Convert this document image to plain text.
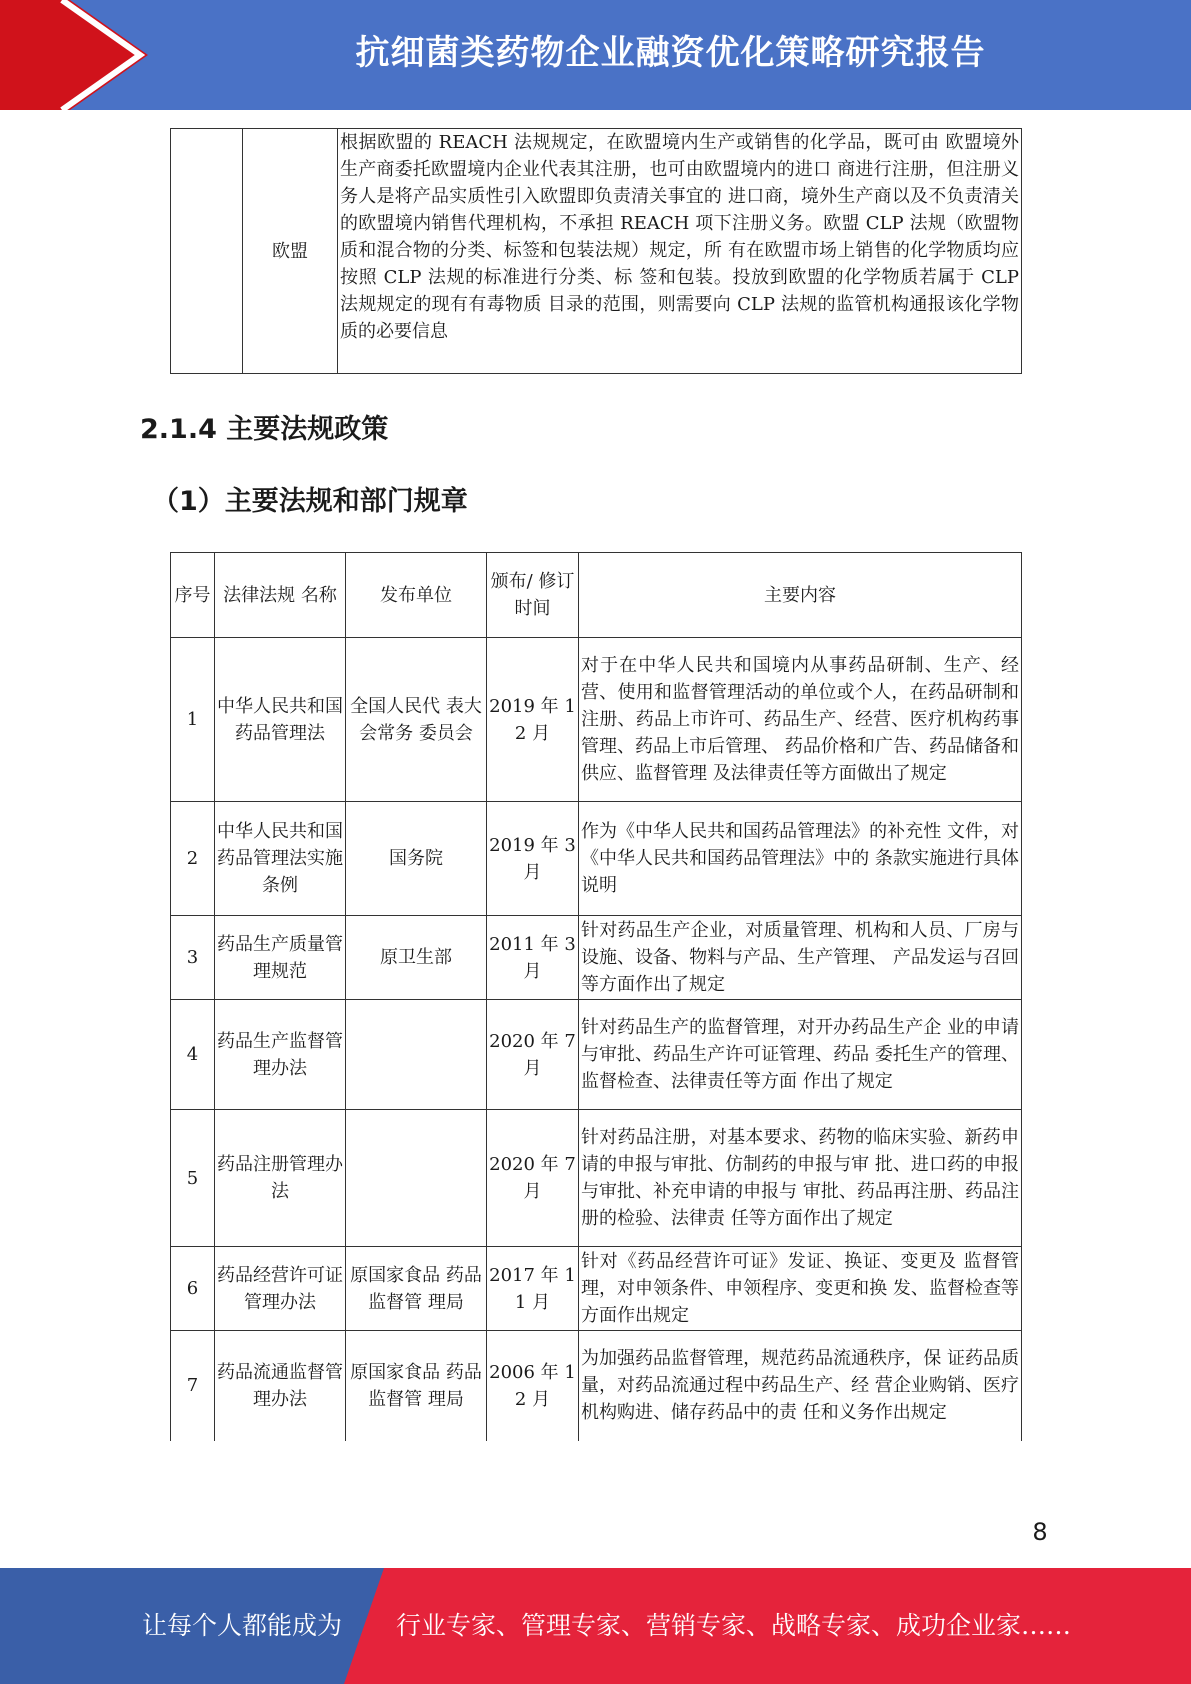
抗细菌类药物企业融资优化策略研究报告
	欧盟	根据欧盟的 REACH 法规规定，在欧盟境内生产或销售的化学品，既可由 欧盟境外生产商委托欧盟境内企业代表其注册，也可由欧盟境内的进口 商进行注册，但注册义务人是将产品实质性引入欧盟即负责清关事宜的 进口商，境外生产商以及不负责清关的欧盟境内销售代理机构，不承担 REACH 项下注册义务。欧盟 CLP 法规（欧盟物质和混合物的分类、标签和包装法规）规定，所 有在欧盟市场上销售的化学物质均应按照 CLP 法规的标准进行分类、标 签和包装。投放到欧盟的化学物质若属于 CLP 法规规定的现有有毒物质 目录的范围，则需要向 CLP 法规的监管机构通报该化学物质的必要信息
2.1.4 主要法规政策
（1）主要法规和部门规章
序号	法律法规 名称	发布单位	颁布/ 修订 时间	主要内容
1	中华人民共和国药品管理法	全国人民代 表大会常务 委员会	2019 年 12 月	对于在中华人民共和国境内从事药品研制、生产、经营、使用和监督管理活动的单位或个人，在药品研制和注册、药品上市许可、药品生产、经营、医疗机构药事管理、药品上市后管理、 药品价格和广告、药品储备和供应、监督管理 及法律责任等方面做出了规定
2	中华人民共和国药品管理法实施条例	国务院	2019 年 3 月	作为《中华人民共和国药品管理法》的补充性 文件，对《中华人民共和国药品管理法》中的 条款实施进行具体说明
3	药品生产质量管理规范	原卫生部	2011 年 3 月	针对药品生产企业，对质量管理、机构和人员、厂房与设施、设备、物料与产品、生产管理、 产品发运与召回等方面作出了规定
4	药品生产监督管理办法		2020 年 7 月	针对药品生产的监督管理，对开办药品生产企 业的申请与审批、药品生产许可证管理、药品 委托生产的管理、监督检查、法律责任等方面 作出了规定
5	药品注册管理办法		2020 年 7 月	针对药品注册，对基本要求、药物的临床实验、新药申请的申报与审批、仿制药的申报与审 批、进口药的申报与审批、补充申请的申报与 审批、药品再注册、药品注册的检验、法律责 任等方面作出了规定
6	药品经营许可证管理办法	原国家食品 药品监督管 理局	2017 年 11 月	针对《药品经营许可证》发证、换证、变更及 监督管理，对申领条件、申领程序、变更和换 发、监督检查等方面作出规定
7	药品流通监督管理办法	原国家食品 药品监督管 理局	2006 年 12 月	为加强药品监督管理，规范药品流通秩序，保 证药品质量，对药品流通过程中药品生产、经 营企业购销、医疗机构购进、储存药品中的责 任和义务作出规定
8
让每个人都能成为 行业专家、管理专家、营销专家、战略专家、成功企业家……
